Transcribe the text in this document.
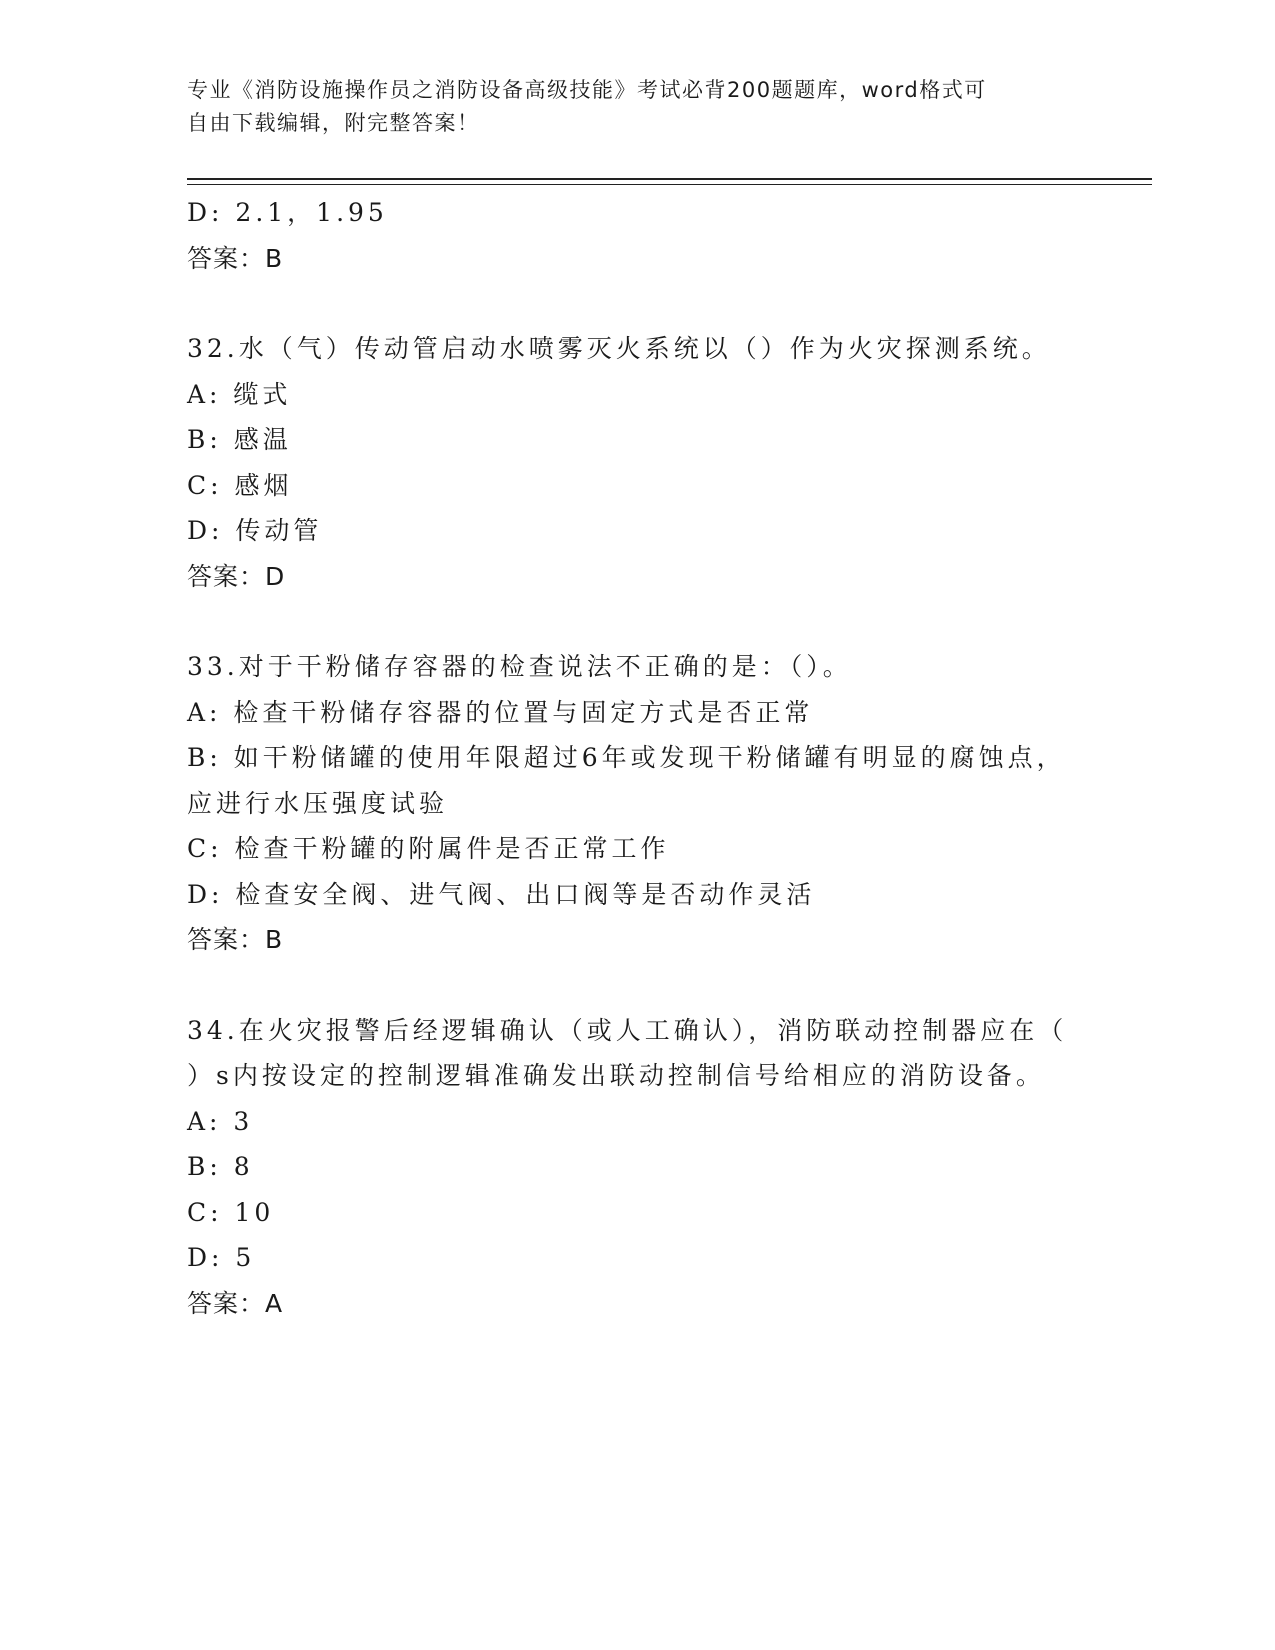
专业《消防设施操作员之消防设备高级技能》考试必背200题题库，word格式可
自由下载编辑，附完整答案！
D: 2.1，1.95
答案：B
32.水（气）传动管启动水喷雾灭火系统以（）作为火灾探测系统。
A: 缆式
B: 感温
C: 感烟
D: 传动管
答案：D
33.对于干粉储存容器的检查说法不正确的是：（）。
A: 检查干粉储存容器的位置与固定方式是否正常
B: 如干粉储罐的使用年限超过6年或发现干粉储罐有明显的腐蚀点，
应进行水压强度试验
C: 检查干粉罐的附属件是否正常工作
D: 检查安全阀、进气阀、出口阀等是否动作灵活
答案：B
34.在火灾报警后经逻辑确认（或人工确认），消防联动控制器应在（
）s内按设定的控制逻辑准确发出联动控制信号给相应的消防设备。
A: 3
B: 8
C: 10
D: 5
答案：A
